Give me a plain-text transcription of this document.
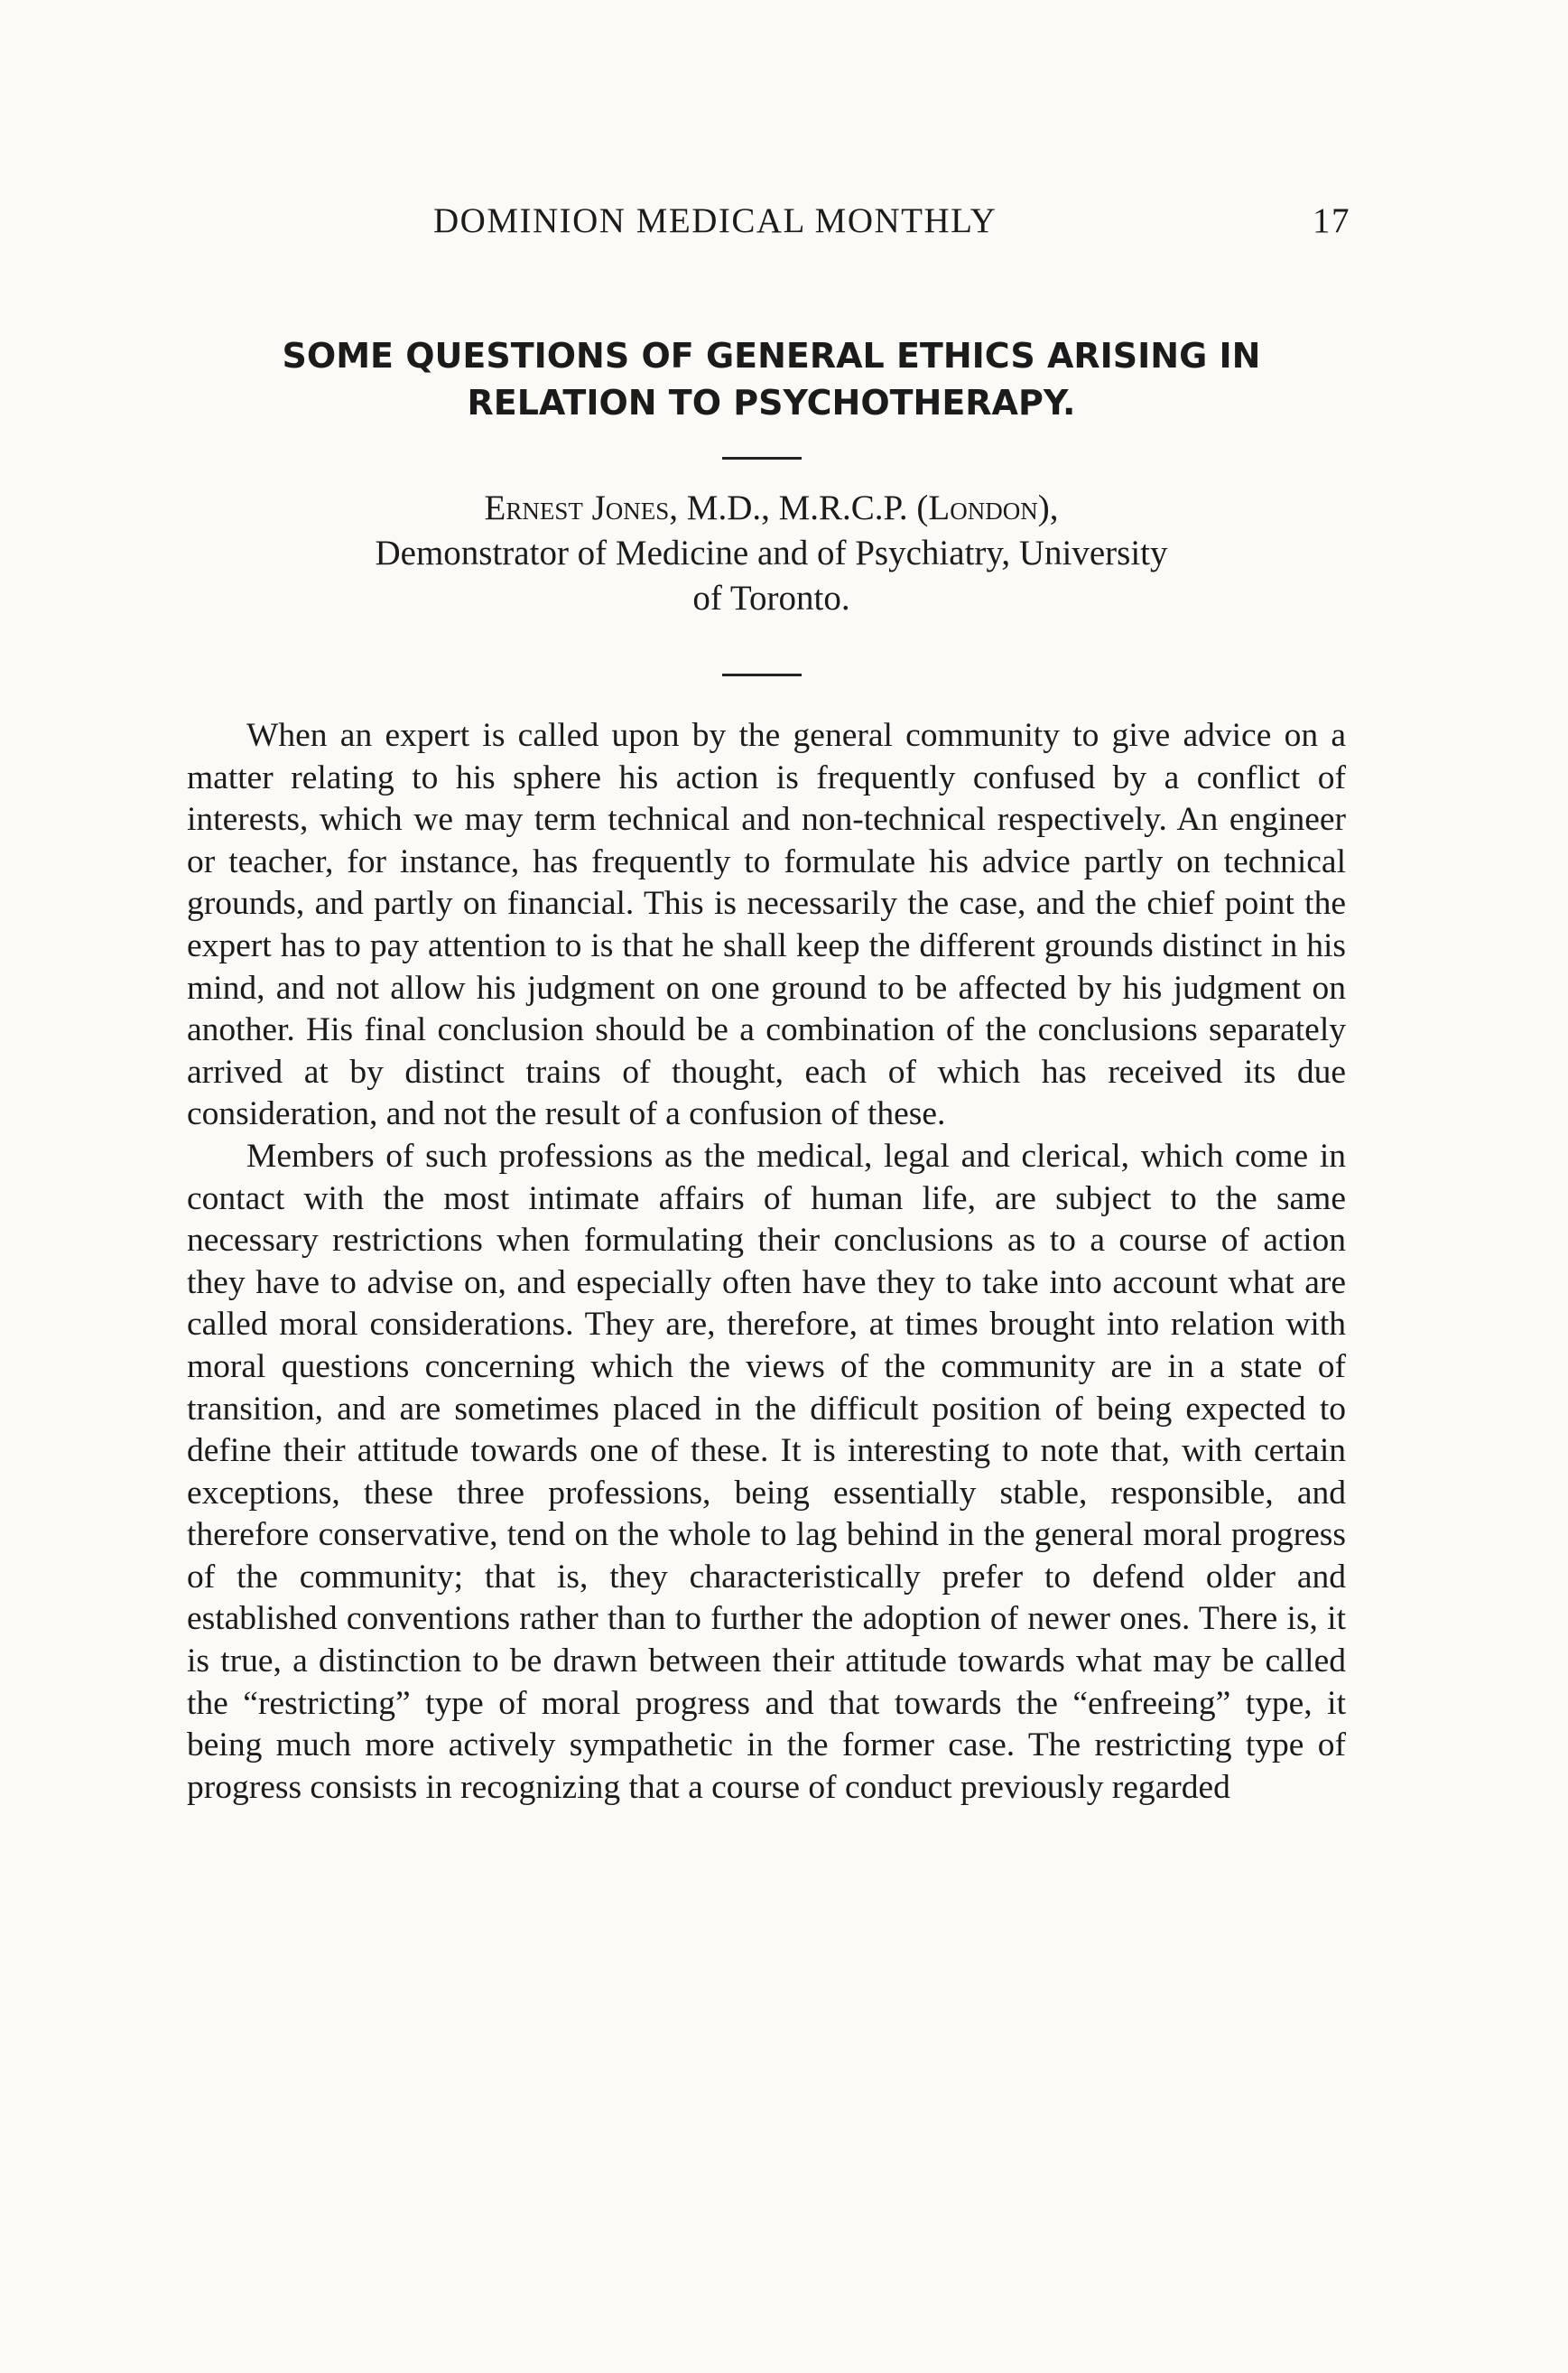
DOMINION MEDICAL MONTHLY	17
SOME QUESTIONS OF GENERAL ETHICS ARISING IN
RELATION TO PSYCHOTHERAPY.
Ernest Jones, M.D., M.R.C.P. (London),
Demonstrator of Medicine and of Psychiatry, University
of Toronto.

When an expert is called upon by the general community to give advice on a matter relating to his sphere his action is frequently confused by a conflict of interests, which we may term technical and non-technical respectively. An engineer or teacher, for instance, has frequently to formulate his advice partly on technical grounds, and partly on financial. This is necessarily the case, and the chief point the expert has to pay attention to is that he shall keep the different grounds distinct in his mind, and not allow his judgment on one ground to be affected by his judgment on another. His final conclusion should be a combination of the conclusions separately arrived at by distinct trains of thought, each of which has received its due consideration, and not the result of a confusion of these.

Members of such professions as the medical, legal and clerical, which come in contact with the most intimate affairs of human life, are subject to the same necessary restrictions when formulating their conclusions as to a course of action they have to advise on, and especially often have they to take into account what are called moral considerations. They are, therefore, at times brought into relation with moral questions concerning which the views of the community are in a state of transition, and are sometimes placed in the difficult position of being expected to define their attitude towards one of these. It is interesting to note that, with certain exceptions, these three professions, being essentially stable, responsible, and therefore conservative, tend on the whole to lag behind in the general moral progress of the community; that is, they characteristically prefer to defend older and established conventions rather than to further the adoption of newer ones. There is, it is true, a distinction to be drawn between their attitude towards what may be called the “restricting” type of moral progress and that towards the “enfreeing” type, it being much more actively sympathetic in the former case. The restricting type of progress consists in recognizing that a course of conduct previously regarded
